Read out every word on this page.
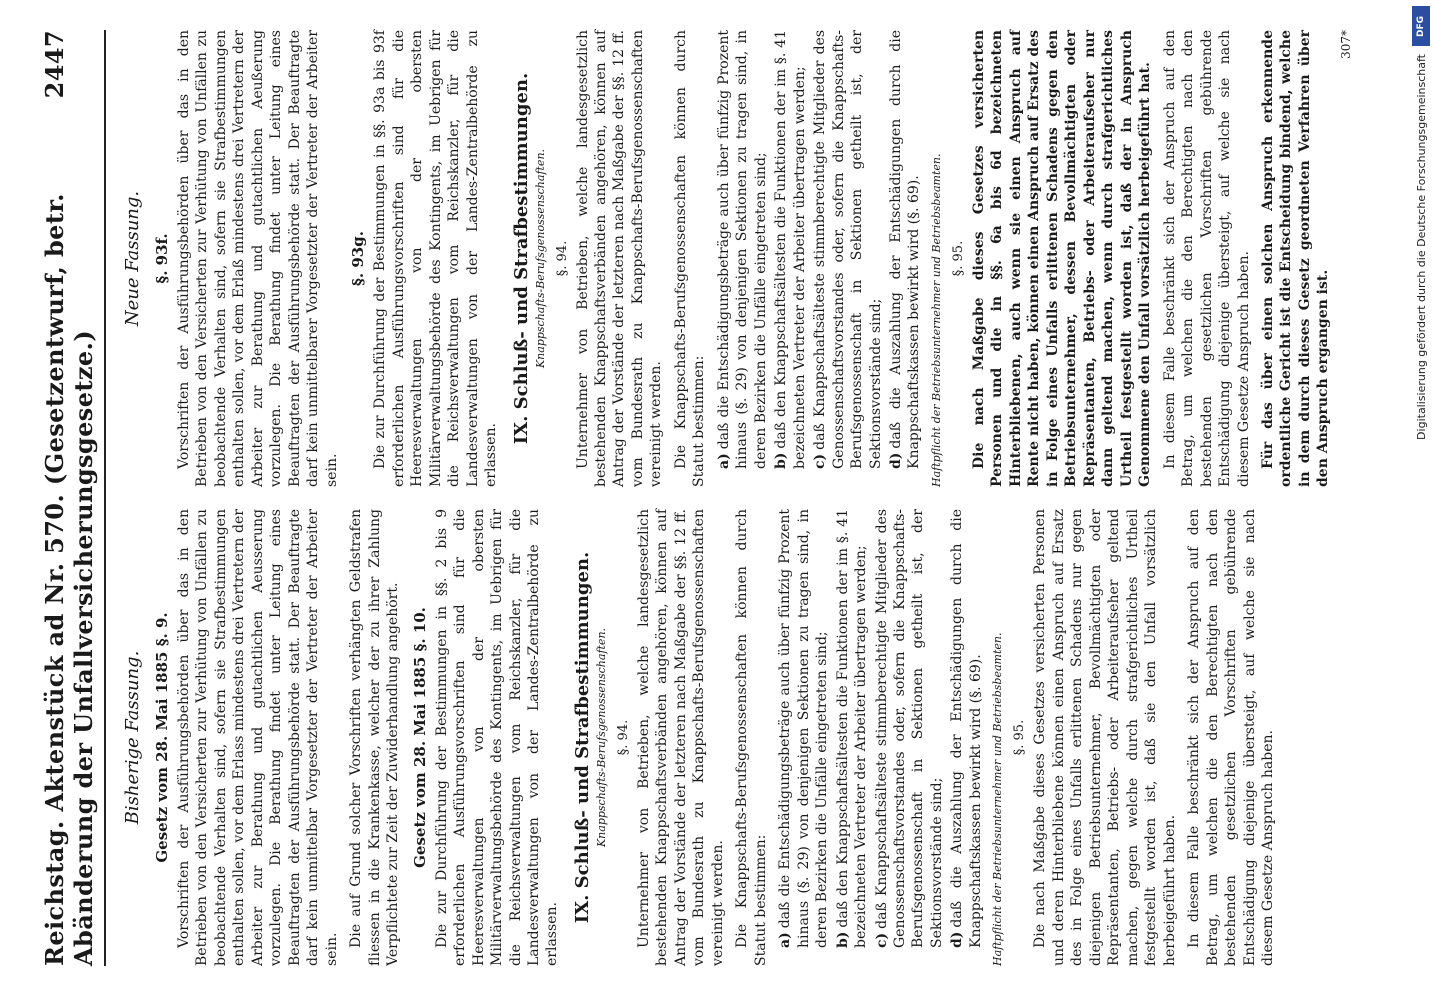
Reichstag. Aktenstück ad Nr. 570. (Gesetzentwurf, betr. Abänderung der Unfallversicherungsgesetze.)
2447
Bisherige Fassung. Gesetz vom 28. Mai 1885 §. 9. Vorschriften der Ausführungsbehörden über das in den Betrieben von den Versicherten zur Verhütung von Unfällen zu beobachtende Verhalten sind, sofern sie Strafbestimmungen enthalten sollen, vor dem Erlass mindestens drei Vertretern der Arbeiter zur Berathung und gutachtlichen Aeusserung vorzulegen. Die Berathung findet unter Leitung eines Beauftragten der Ausführungsbehörde statt. Der Beauftragte darf kein unmittelbar Vorgesetzter der Vertreter der Arbeiter sein.

Die auf Grund solcher Vorschriften verhängten Geldstrafen fliessen in die Krankenkasse, welcher der zu ihrer Zahlung Verpflichtete zur Zeit der Zuwiderhandlung angehört. Gesetz vom 28. Mai 1885 §. 10. Die zur Durchführung der Bestimmungen in §§. 2 bis 9 erforderlichen Ausführungsvorschriften sind für die Heeresverwaltungen von der obersten Militärverwaltungsbehörde des Kontingents, im Uebrigen für die Reichsverwaltungen vom Reichskanzler, für die Landesverwaltungen von der Landes-Zentralbehörde zu erlassen.

IX. Schluß- und Strafbestimmungen. Knappschafts-Berufsgenossenschaften. §. 94. Unternehmer von Betrieben, welche landesgesetzlich bestehenden Knappschaftsverbänden angehören, können auf Antrag der Vorstände der letzteren nach Maßgabe der §§. 12 ff. vom Bundesrath zu Knappschafts-Berufsgenossenschaften vereinigt werden. Die Knappschafts-Berufsgenossenschaften können durch Statut bestimmen: a)daß die Entschädigungsbeträge auch über fünfzig Prozent hinaus (§. 29) von denjenigen Sektionen zu tragen sind, in deren Bezirken die Unfälle eingetreten sind; b)daß den Knappschaftsältesten die Funktionen der im §. 41 bezeichneten Vertreter der Arbeiter übertragen werden; c)daß Knappschaftsälteste stimmberechtigte Mitglieder des Genossenschaftsvorstandes oder, sofern die Knappschafts-Berufsgenossenschaft in Sektionen getheilt ist, der Sektionsvorstände sind; d)daß die Auszahlung der Entschädigungen durch die Knappschaftskassen bewirkt wird (§. 69). Haftpflicht der Betriebsunternehmer und Betriebsbeamten. §. 95. Die nach Maßgabe dieses Gesetzes versicherten Personen und deren Hinterbliebene können einen Anspruch auf Ersatz des in Folge eines Unfalls erlittenen Schadens nur gegen diejenigen Betriebsunternehmer, Bevollmächtigten oder Repräsentanten, Betriebs- oder Arbeiteraufseher geltend machen, gegen welche durch strafgerichtliches Urtheil festgestellt worden ist, daß sie den Unfall vorsätzlich herbeigeführt haben. In diesem Falle beschränkt sich der Anspruch auf den Betrag, um welchen die den Berechtigten nach den bestehenden gesetzlichen Vorschriften gebührende Entschädigung diejenige übersteigt, auf welche sie nach diesem Gesetze Anspruch haben.

Neue Fassung. §. 93f. Vorschriften der Ausführungsbehörden über das in den Betrieben von den Versicherten zur Verhütung von Unfällen zu beobachtende Verhalten sind, sofern sie Strafbestimmungen enthalten sollen, vor dem Erlaß mindestens drei Vertretern der Arbeiter zur Berathung und gutachtlichen Aeußerung vorzulegen. Die Berathung findet unter Leitung eines Beauftragten der Ausführungsbehörde statt. Der Beauftragte darf kein unmittelbarer Vorgesetzter der Vertreter der Arbeiter sein.

§. 93g. Die zur Durchführung der Bestimmungen in §§. 93a bis 93f erforderlichen Ausführungsvorschriften sind für die Heeresverwaltungen von der obersten Militärverwaltungsbehörde des Kontingents, im Uebrigen für die Reichsverwaltungen vom Reichskanzler, für die Landesverwaltungen von der Landes-Zentralbehörde zu erlassen.

IX. Schluß- und Strafbestimmungen. Knappschafts-Berufsgenossenschaften. §. 94. Unternehmer von Betrieben, welche landesgesetzlich bestehenden Knappschaftsverbänden angehören, können auf Antrag der Vorstände der letzteren nach Maßgabe der §§. 12 ff. vom Bundesrath zu Knappschafts-Berufsgenossenschaften vereinigt werden. Die Knappschafts-Berufsgenossenschaften können durch Statut bestimmen: a)daß die Entschädigungsbeträge auch über fünfzig Prozent hinaus (§. 29) von denjenigen Sektionen zu tragen sind, in deren Bezirken die Unfälle eingetreten sind; b)daß den Knappschaftsältesten die Funktionen der im §. 41 bezeichneten Vertreter der Arbeiter übertragen werden; c)daß Knappschaftsälteste stimmberechtigte Mitglieder des Genossenschaftsvorstandes oder, sofern die Knappschafts-Berufsgenossenschaft in Sektionen getheilt ist, der Sektionsvorstände sind; d)daß die Auszahlung der Entschädigungen durch die Knappschaftskassen bewirkt wird (§. 69). Haftpflicht der Betriebsunternehmer und Betriebsbeamten. §. 95. Die nach Maßgabe dieses Gesetzes versicherten Personen und die in §§. 6a bis 6d bezeichneten Hinterbliebenen, auch wenn sie einen Anspruch auf Rente nicht haben, können einen Anspruch auf Ersatz des in Folge eines Unfalls erlittenen Schadens gegen den Betriebsunternehmer, dessen Bevollmächtigten oder Repräsentanten, Betriebs- oder Arbeiteraufseher nur dann geltend machen, wenn durch strafgerichtliches Urtheil festgestellt worden ist, daß der in Anspruch Genommene den Unfall vorsätzlich herbeigeführt hat. In diesem Falle beschränkt sich der Anspruch auf den Betrag, um welchen die den Berechtigten nach den bestehenden gesetzlichen Vorschriften gebührende Entschädigung diejenige übersteigt, auf welche sie nach diesem Gesetze Anspruch haben. Für das über einen solchen Anspruch erkennende ordentliche Gericht ist die Entscheidung bindend, welche in dem durch dieses Gesetz geordneten Verfahren über den Anspruch ergangen ist.

307*
DFG
Digitalisierung gefördert durch die Deutsche Forschungsgemeinschaft
